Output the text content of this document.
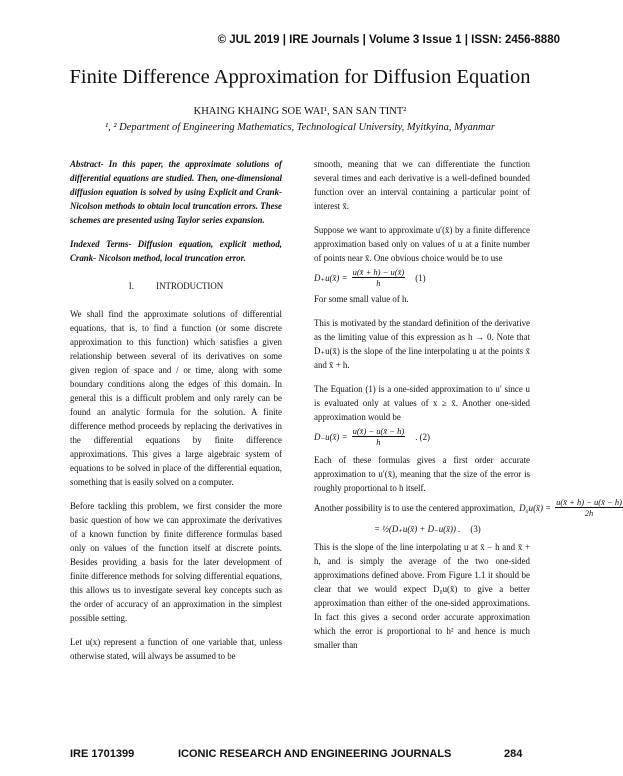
© JUL 2019 | IRE Journals | Volume 3 Issue 1 | ISSN: 2456-8880
Finite Difference Approximation for Diffusion Equation
KHAING KHAING SOE WAI¹, SAN SAN TINT²
¹, ² Department of Engineering Mathematics, Technological University, Myitkyina, Myanmar

Abstract- In this paper, the approximate solutions of differential equations are studied. Then, one-dimensional diffusion equation is solved by using Explicit and Crank- Nicolson methods to obtain local truncation errors. These schemes are presented using Taylor series expansion.

Indexed Terms- Diffusion equation, explicit method, Crank- Nicolson method, local truncation error.

I. INTRODUCTION

We shall find the approximate solutions of differential equations, that is, to find a function (or some discrete approximation to this function) which satisfies a given relationship between several of its derivatives on some given region of space and / or time, along with some boundary conditions along the edges of this domain. In general this is a difficult problem and only rarely can be found an analytic formula for the solution. A finite difference method proceeds by replacing the derivatives in the differential equations by finite difference approximations. This gives a large algebraic system of equations to be solved in place of the differential equation, something that is easily solved on a computer.

Before tackling this problem, we first consider the more basic question of how we can approximate the derivatives of a known function by finite difference formulas based only on values of the function itself at discrete points. Besides providing a basis for the later development of finite difference methods for solving differential equations, this allows us to investigate several key concepts such as the order of accuracy of an approximation in the simplest possible setting.

Let u(x) represent a function of one variable that, unless otherwise stated, will always be assumed to be

smooth, meaning that we can differentiate the function several times and each derivative is a well-defined bounded function over an interval containing a particular point of interest x̄.

Suppose we want to approximate u′(x̄) by a finite difference approximation based only on values of u at a finite number of points near x̄. One obvious choice would be to use

D₊u(x̄) = $\frac{u(x̄ + h) - u(x̄)}{h} (1)$

For some small value of h.

This is motivated by the standard definition of the derivative as the limiting value of this expression as h → 0. Note that D₊u(x̄) is the slope of the line interpolating u at the points x̄ and x̄ + h.

The Equation (1) is a one-sided approximation to u′ since u is evaluated only at values of x ≥ x̄. Another one-sided approximation would be

D₋u(x̄) = $\frac{u(x̄) - u(x̄ - h)}{h}$ . (2)

Each of these formulas gives a first order accurate approximation to u′(x̄), meaning that the size of the error is roughly proportional to h itself.

Another possibility is to use the centered approximation, D₀u(x̄) = $\frac{u(x̄ + h) - u(x̄ - h)}{2h}$
= ½(D₊u(x̄) + D₋u(x̄)) . (3)

This is the slope of the line interpolating u at x̄ − h and x̄ + h, and is simply the average of the two one-sided approximations defined above. From Figure 1.1 it should be clear that we would expect D₀u(x̄) to give a better approximation than either of the one-sided approximations. In fact this gives a second order accurate approximation which the error is proportional to h² and hence is much smaller than

IRE 1701399	ICONIC RESEARCH AND ENGINEERING JOURNALS	284
